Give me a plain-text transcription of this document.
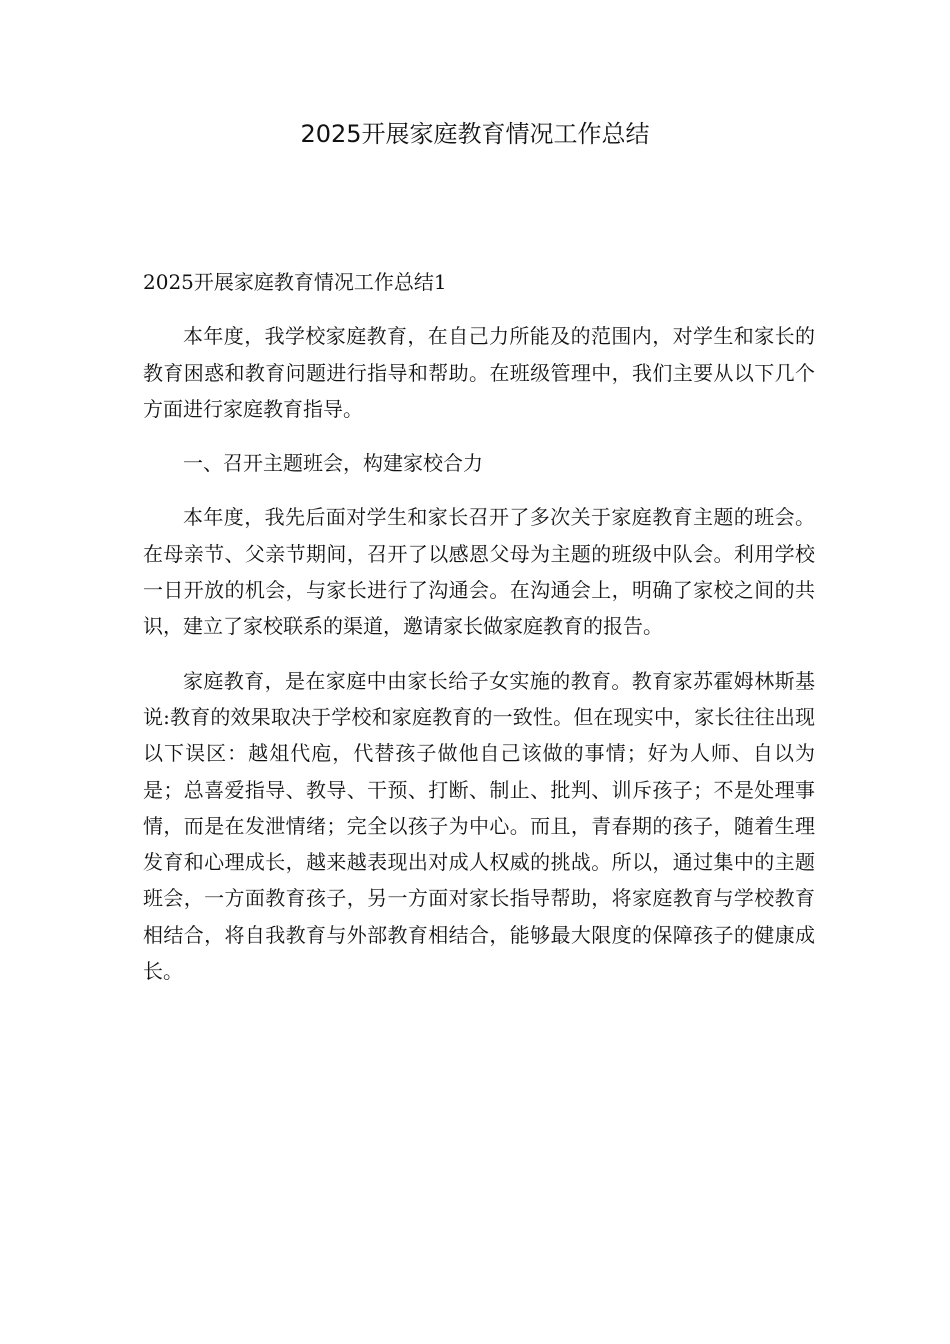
2025开展家庭教育情况工作总结
2025开展家庭教育情况工作总结1

本年度，我学校家庭教育，在自己力所能及的范围内，对学生和家长的教育困惑和教育问题进行指导和帮助。在班级管理中，我们主要从以下几个方面进行家庭教育指导。

一、召开主题班会，构建家校合力

本年度，我先后面对学生和家长召开了多次关于家庭教育主题的班会。在母亲节、父亲节期间，召开了以感恩父母为主题的班级中队会。利用学校一日开放的机会，与家长进行了沟通会。在沟通会上，明确了家校之间的共识，建立了家校联系的渠道，邀请家长做家庭教育的报告。

家庭教育，是在家庭中由家长给子女实施的教育。教育家苏霍姆林斯基说:教育的效果取决于学校和家庭教育的一致性。但在现实中，家长往往出现以下误区：越俎代庖，代替孩子做他自己该做的事情；好为人师、自以为是；总喜爱指导、教导、干预、打断、制止、批判、训斥孩子；不是处理事情，而是在发泄情绪；完全以孩子为中心。而且，青春期的孩子，随着生理发育和心理成长，越来越表现出对成人权威的挑战。所以，通过集中的主题班会，一方面教育孩子，另一方面对家长指导帮助，将家庭教育与学校教育相结合，将自我教育与外部教育相结合，能够最大限度的保障孩子的健康成长。
